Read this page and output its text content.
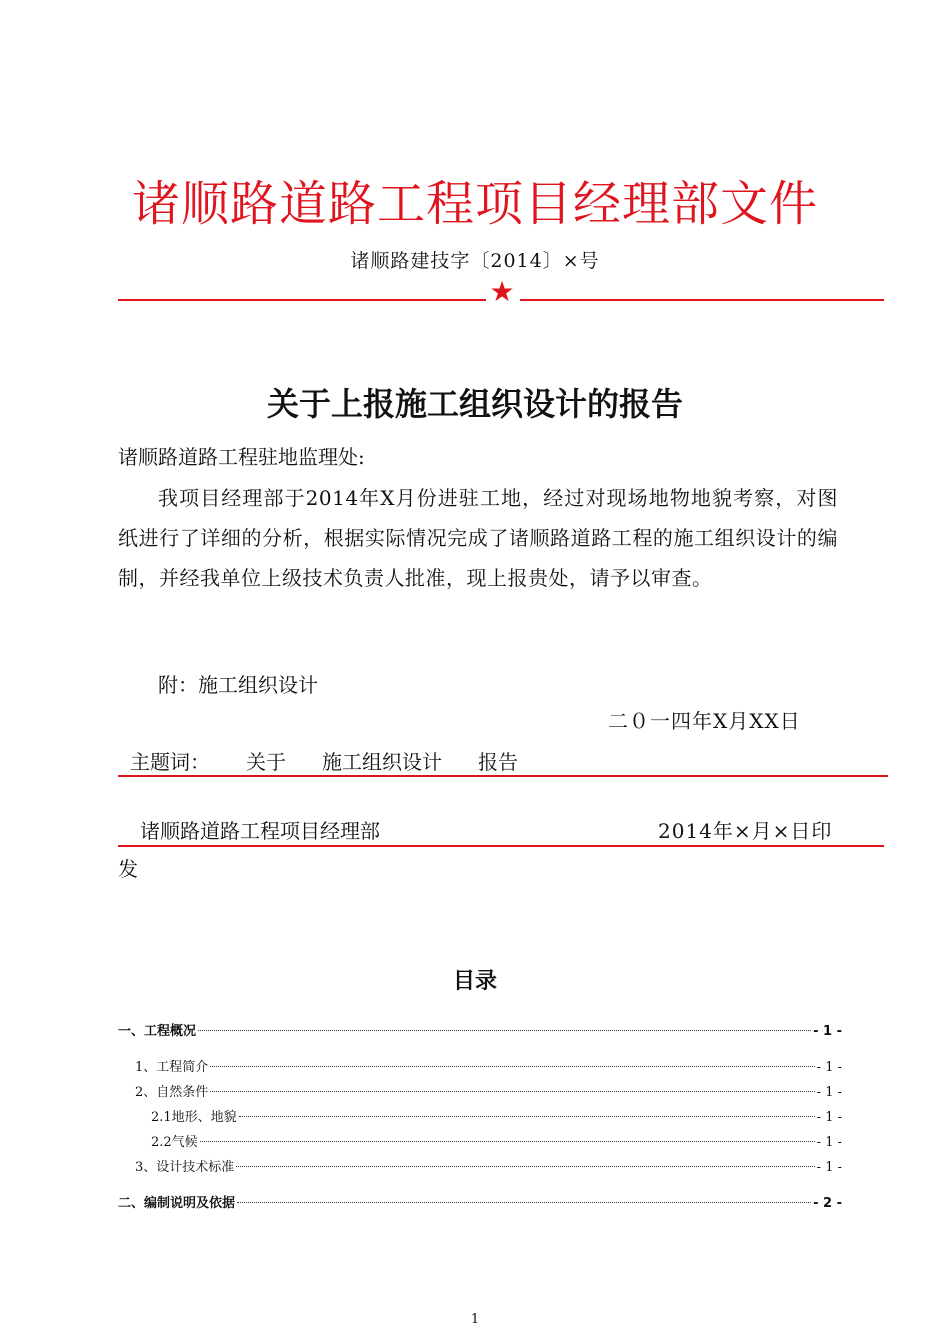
诸顺路道路工程项目经理部文件
诸顺路建技字〔2014〕×号
★
关于上报施工组织设计的报告
诸顺路道路工程驻地监理处:
我项目经理部于2014年X月份进驻工地，经过对现场地物地貌考察，对图纸进行了详细的分析，根据实际情况完成了诸顺路道路工程的施工组织设计的编制，并经我单位上级技术负责人批准，现上报贵处，请予以审查。
附：施工组织设计
二０一四年X月XX日
主题词： 关于 施工组织设计 报告
诸顺路道路工程项目经理部	2014年×月×日印
发
目录
一、工程概况	- 1 -
1、工程简介	- 1 -
2、自然条件	- 1 -
2.1地形、地貌	- 1 -
2.2气候	- 1 -
3、设计技术标准	- 1 -
二、编制说明及依据	- 2 -
1
